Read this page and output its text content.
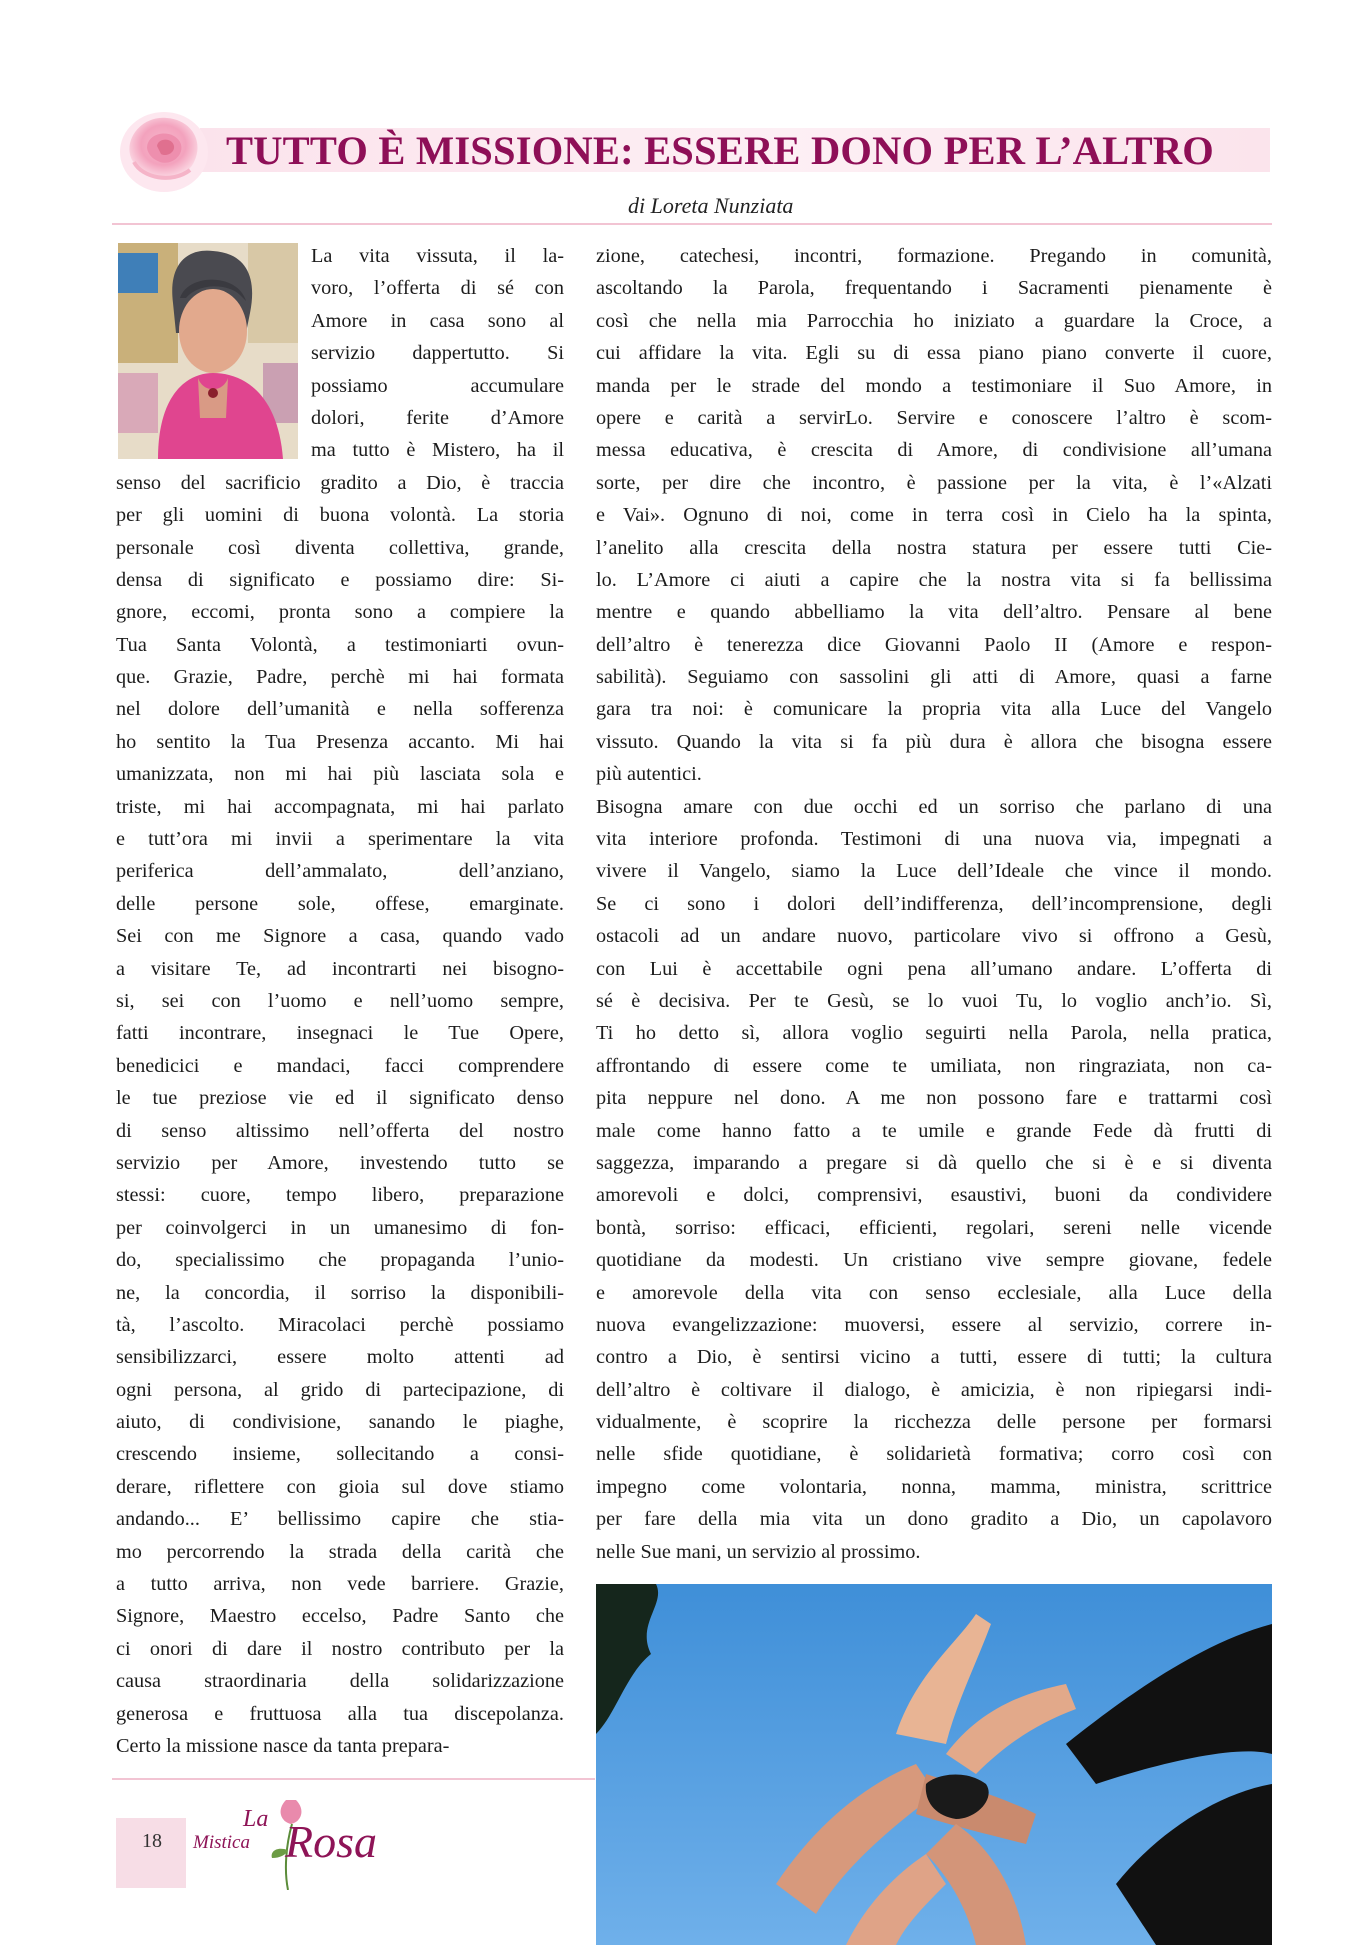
TUTTO È MISSIONE: ESSERE DONO PER L’ALTRO
di Loreta Nunziata
La vita vissuta, il la-
voro, l’offerta di sé con
Amore in casa sono al
servizio dappertutto. Si
possiamo accumulare
dolori, ferite d’Amore
ma tutto è Mistero, ha il
senso del sacrificio gradito a Dio, è traccia
per gli uomini di buona volontà. La storia
personale così diventa collettiva, grande,
densa di significato e possiamo dire: Si-
gnore, eccomi, pronta sono a compiere la
Tua Santa Volontà, a testimoniarti ovun-
que. Grazie, Padre, perchè mi hai formata
nel dolore dell’umanità e nella sofferenza
ho sentito la Tua Presenza accanto. Mi hai
umanizzata, non mi hai più lasciata sola e
triste, mi hai accompagnata, mi hai parlato
e tutt’ora mi invii a sperimentare la vita
periferica dell’ammalato, dell’anziano,
delle persone sole, offese, emarginate.
Sei con me Signore a casa, quando vado
a visitare Te, ad incontrarti nei bisogno-
si, sei con l’uomo e nell’uomo sempre,
fatti incontrare, insegnaci le Tue Opere,
benedicici e mandaci, facci comprendere
le tue preziose vie ed il significato denso
di senso altissimo nell’offerta del nostro
servizio per Amore, investendo tutto se
stessi: cuore, tempo libero, preparazione
per coinvolgerci in un umanesimo di fon-
do, specialissimo che propaganda l’unio-
ne, la concordia, il sorriso la disponibili-
tà, l’ascolto. Miracolaci perchè possiamo
sensibilizzarci, essere molto attenti ad
ogni persona, al grido di partecipazione, di
aiuto, di condivisione, sanando le piaghe,
crescendo insieme, sollecitando a consi-
derare, riflettere con gioia sul dove stiamo
andando... E’ bellissimo capire che stia-
mo percorrendo la strada della carità che
a tutto arriva, non vede barriere. Grazie,
Signore, Maestro eccelso, Padre Santo che
ci onori di dare il nostro contributo per la
causa straordinaria della solidarizzazione
generosa e fruttuosa alla tua discepolanza.
Certo la missione nasce da tanta prepara-
zione, catechesi, incontri, formazione. Pregando in comunità,
ascoltando la Parola, frequentando i Sacramenti pienamente è
così che nella mia Parrocchia ho iniziato a guardare la Croce, a
cui affidare la vita. Egli su di essa piano piano converte il cuore,
manda per le strade del mondo a testimoniare il Suo Amore, in
opere e carità a servirLo. Servire e conoscere l’altro è scom-
messa educativa, è crescita di Amore, di condivisione all’umana
sorte, per dire che incontro, è passione per la vita, è l’«Alzati
e Vai». Ognuno di noi, come in terra così in Cielo ha la spinta,
l’anelito alla crescita della nostra statura per essere tutti Cie-
lo. L’Amore ci aiuti a capire che la nostra vita si fa bellissima
mentre e quando abbelliamo la vita dell’altro. Pensare al bene
dell’altro è tenerezza dice Giovanni Paolo II (Amore e respon-
sabilità). Seguiamo con sassolini gli atti di Amore, quasi a farne
gara tra noi: è comunicare la propria vita alla Luce del Vangelo
vissuto. Quando la vita si fa più dura è allora che bisogna essere
più autentici.
Bisogna amare con due occhi ed un sorriso che parlano di una
vita interiore profonda. Testimoni di una nuova via, impegnati a
vivere il Vangelo, siamo la Luce dell’Ideale che vince il mondo.
Se ci sono i dolori dell’indifferenza, dell’incomprensione, degli
ostacoli ad un andare nuovo, particolare vivo si offrono a Gesù,
con Lui è accettabile ogni pena all’umano andare. L’offerta di
sé è decisiva. Per te Gesù, se lo vuoi Tu, lo voglio anch’io. Sì,
Ti ho detto sì, allora voglio seguirti nella Parola, nella pratica,
affrontando di essere come te umiliata, non ringraziata, non ca-
pita neppure nel dono. A me non possono fare e trattarmi così
male come hanno fatto a te umile e grande Fede dà frutti di
saggezza, imparando a pregare si dà quello che si è e si diventa
amorevoli e dolci, comprensivi, esaustivi, buoni da condividere
bontà, sorriso: efficaci, efficienti, regolari, sereni nelle vicende
quotidiane da modesti. Un cristiano vive sempre giovane, fedele
e amorevole della vita con senso ecclesiale, alla Luce della
nuova evangelizzazione: muoversi, essere al servizio, correre in-
contro a Dio, è sentirsi vicino a tutti, essere di tutti; la cultura
dell’altro è coltivare il dialogo, è amicizia, è non ripiegarsi indi-
vidualmente, è scoprire la ricchezza delle persone per formarsi
nelle sfide quotidiane, è solidarietà formativa; corro così con
impegno come volontaria, nonna, mamma, ministra, scrittrice
per fare della mia vita un dono gradito a Dio, un capolavoro
nelle Sue mani, un servizio al prossimo.
18
La
Mistica Rosa
